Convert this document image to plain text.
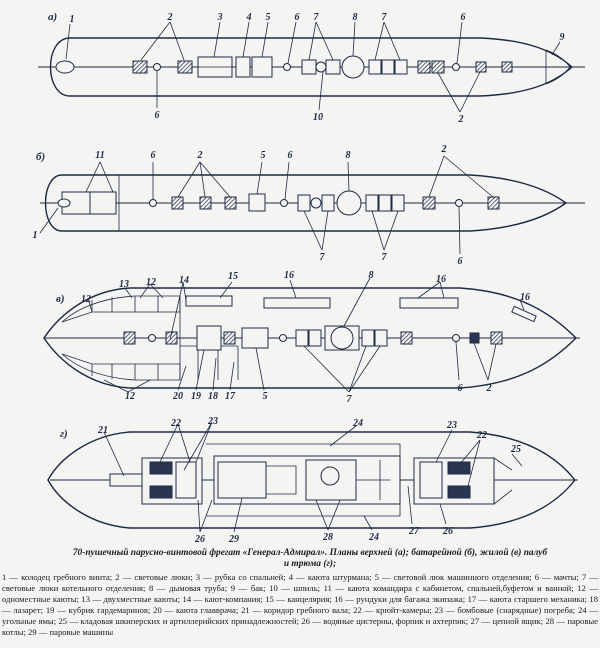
а) 1	2	3 4 5 6 7	8 7	6
9
6	10	2
б)	11	6	2	5 6	8
2
1
7	7	6
в) 12
13 12 14	15	16	8	16
16
12	20 19 18 17	5	7
6 2
г)	21
22	23	24	23
22
25
26 29	28	24
27 26
70-пушечный парусно-винтовой фрегат «Генерал-Адмирал». Планы верхней (а); батарейной (б), жилой (в) палуб
и трюма (г);
1 — колодец гребного винта; 2 — световые люки; 3 — рубка со спальней; 4 — каюта штурмана; 5 — световой люк машинного отделения; 6 — мачты; 7 — световые люки котельного отделения; 8 — дымовая труба; 9 — бак; 10 — шпиль; 11 — каюта командира с кабинетом, спальней,буфетом и ванной; 12 — одноместные каюты; 13 — двухместные каюты; 14 — кают-компания; 15 — канцелярия; 16 — рундуки для багажа экипажа; 17 — каюта старшего механика; 18 — лазарет; 19 — кубрик гардемаринов; 20 — каюта главврача; 21 — коридор гребного вала; 22 — крюйт-камеры; 23 — бомбовые (снарядные) погреба; 24 — угольные ямы; 25 — кладовая шкиперских и артиллерийских принадлежностей; 26 — водяные цистерны, форпик и ахтерпик; 27 — цепной ящик; 28 — паровые котлы; 29 — паровые машины
